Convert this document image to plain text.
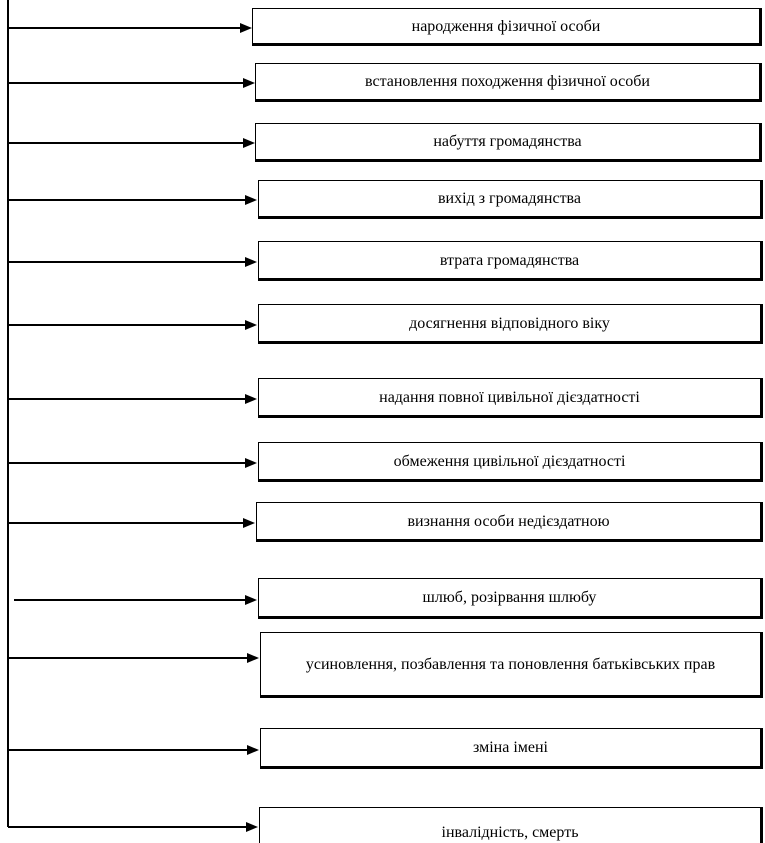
народження фізичної особи
встановлення походження фізичної особи
набуття громадянства
вихід з громадянства
втрата громадянства
досягнення відповідного віку
надання повної цивільної дієздатності
обмеження цивільної дієздатності
визнання особи недієздатною
шлюб, розірвання шлюбу
усиновлення, позбавлення та поновлення батьківських прав
зміна імені
інвалідність, смерть
